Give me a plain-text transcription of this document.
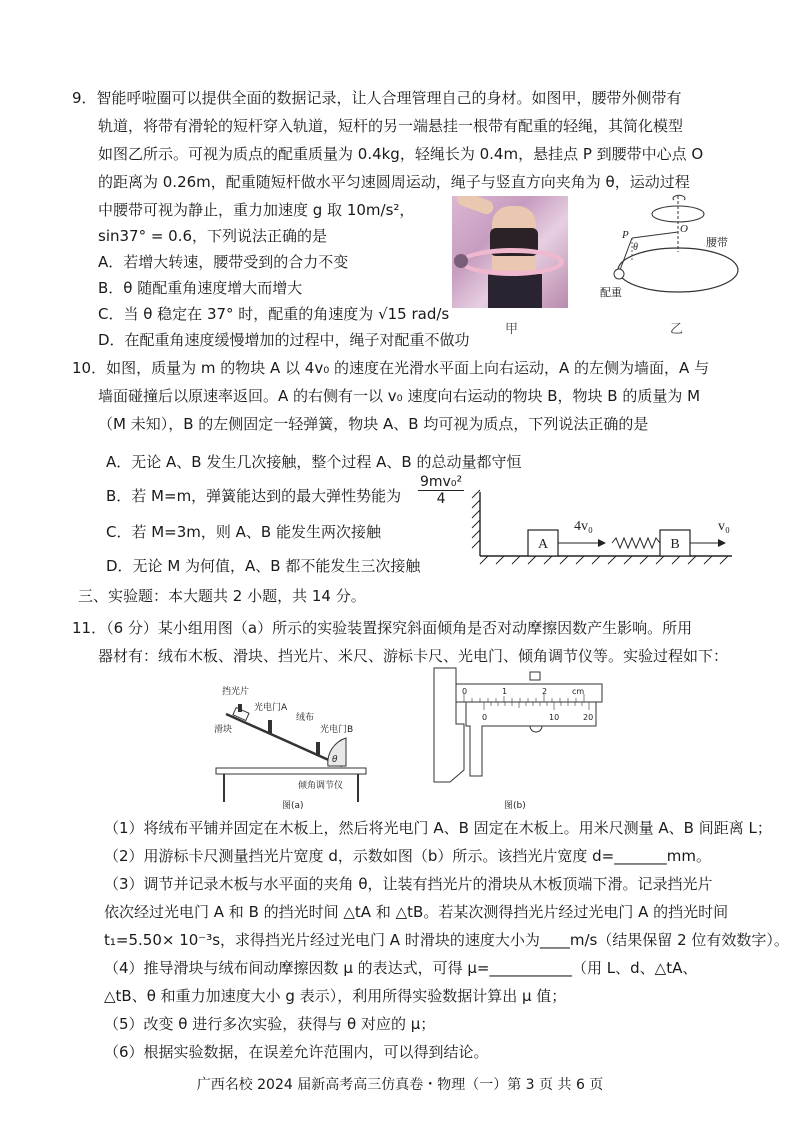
9．智能呼啦圈可以提供全面的数据记录，让人合理管理自己的身材。如图甲，腰带外侧带有
轨道，将带有滑轮的短杆穿入轨道，短杆的另一端悬挂一根带有配重的轻绳，其简化模型
如图乙所示。可视为质点的配重质量为 0.4kg，轻绳长为 0.4m，悬挂点 P 到腰带中心点 O
的距离为 0.26m，配重随短杆做水平匀速圆周运动，绳子与竖直方向夹角为 θ，运动过程
中腰带可视为静止，重力加速度 g 取 10m/s²，
sin37° = 0.6，下列说法正确的是
A．若增大转速，腰带受到的合力不变
B．θ 随配重角速度增大而增大
C．当 θ 稳定在 37° 时，配重的角速度为 √15 rad/s
D．在配重角速度缓慢增加的过程中，绳子对配重不做功
甲
O
P
θ	腰带
配重
乙
10．如图，质量为 m 的物块 A 以 4v₀ 的速度在光滑水平面上向右运动，A 的左侧为墙面，A 与
墙面碰撞后以原速率返回。A 的右侧有一以 v₀ 速度向右运动的物块 B，物块 B 的质量为 M
（M 未知），B 的左侧固定一轻弹簧，物块 A、B 均可视为质点，下列说法正确的是
A．无论 A、B 发生几次接触，整个过程 A、B 的总动量都守恒
B．若 M=m，弹簧能达到的最大弹性势能为 $\frac{\text{9mv₀²}}{4}$
C．若 M=3m，则 A、B 能发生两次接触
D．无论 M 为何值，A、B 都不能发生三次接触
A
4v₀
B
v₀
三、实验题：本大题共 2 小题，共 14 分。
11．（6 分）某小组用图（a）所示的实验装置探究斜面倾角是否对动摩擦因数产生影响。所用
器材有：绒布木板、滑块、挡光片、米尺、游标卡尺、光电门、倾角调节仪等。实验过程如下：
挡光片
光电门A
绒布
滑块	光电门B
θ
倾角调节仪
图(a)
0	1	2	cm
0	10	20
图(b)
（1）将绒布平铺并固定在木板上，然后将光电门 A、B 固定在木板上。用米尺测量 A、B 间距离 L；
（2）用游标卡尺测量挡光片宽度 d，示数如图（b）所示。该挡光片宽度 d=_______mm。
（3）调节并记录木板与水平面的夹角 θ，让装有挡光片的滑块从木板顶端下滑。记录挡光片
依次经过光电门 A 和 B 的挡光时间 △tA 和 △tB。若某次测得挡光片经过光电门 A 的挡光时间
t₁=5.50× 10⁻³s，求得挡光片经过光电门 A 时滑块的速度大小为____m/s（结果保留 2 位有效数字）。
（4）推导滑块与绒布间动摩擦因数 μ 的表达式，可得 μ=___________（用 L、d、△tA、
△tB、θ 和重力加速度大小 g 表示），利用所得实验数据计算出 μ 值；
（5）改变 θ 进行多次实验，获得与 θ 对应的 μ；
（6）根据实验数据，在误差允许范围内，可以得到结论。
广西名校 2024 届新高考高三仿真卷・物理（一）第 3 页 共 6 页
